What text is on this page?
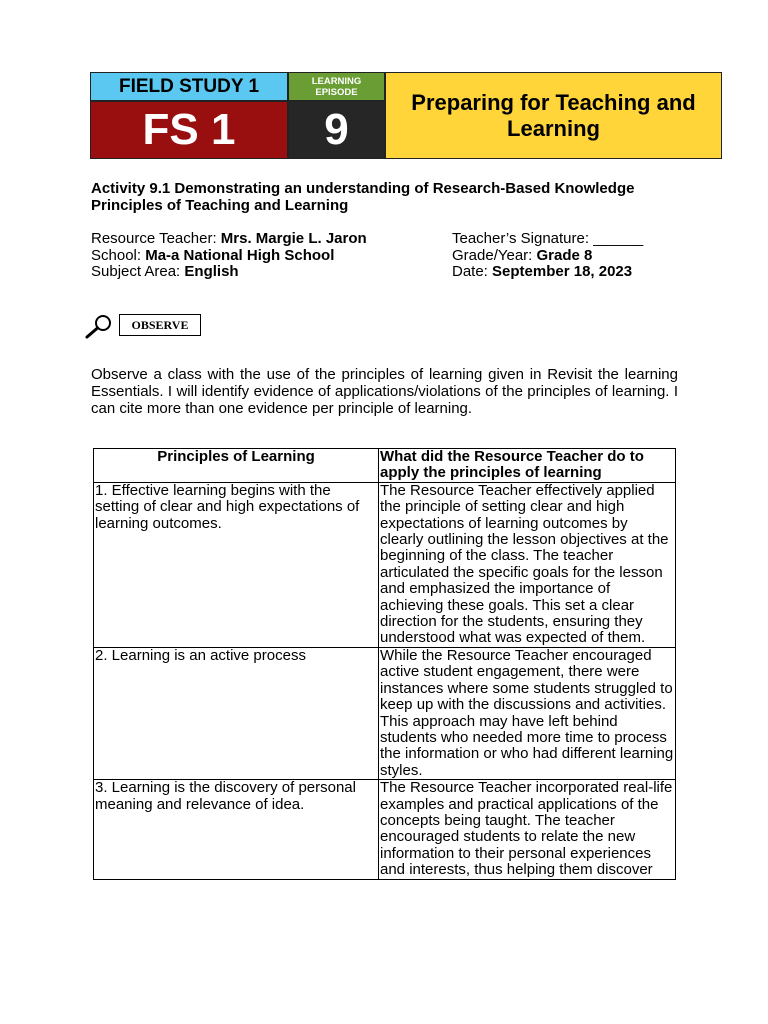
FIELD STUDY 1
FS 1
LEARNING
EPISODE
9
Preparing for Teaching and Learning
Activity 9.1 Demonstrating an understanding of Research-Based Knowledge Principles of Teaching and Learning
Resource Teacher: Mrs. Margie L. Jaron
School: Ma-a National High School
Subject Area: English
Teacher’s Signature: ______
Grade/Year: Grade 8
Date: September 18, 2023
OBSERVE
Observe a class with the use of the principles of learning given in Revisit the learning Essentials. I will identify evidence of applications/violations of the principles of learning. I can cite more than one evidence per principle of learning.
Principles of Learning	What did the Resource Teacher do to apply the principles of learning
1. Effective learning begins with the setting of clear and high expectations of learning outcomes.	The Resource Teacher effectively applied the principle of setting clear and high expectations of learning outcomes by clearly outlining the lesson objectives at the beginning of the class. The teacher articulated the specific goals for the lesson and emphasized the importance of achieving these goals. This set a clear direction for the students, ensuring they understood what was expected of them.
2. Learning is an active process	While the Resource Teacher encouraged active student engagement, there were instances where some students struggled to keep up with the discussions and activities. This approach may have left behind students who needed more time to process the information or who had different learning styles.
3. Learning is the discovery of personal meaning and relevance of idea.	The Resource Teacher incorporated real-life examples and practical applications of the concepts being taught. The teacher encouraged students to relate the new information to their personal experiences and interests, thus helping them discover
